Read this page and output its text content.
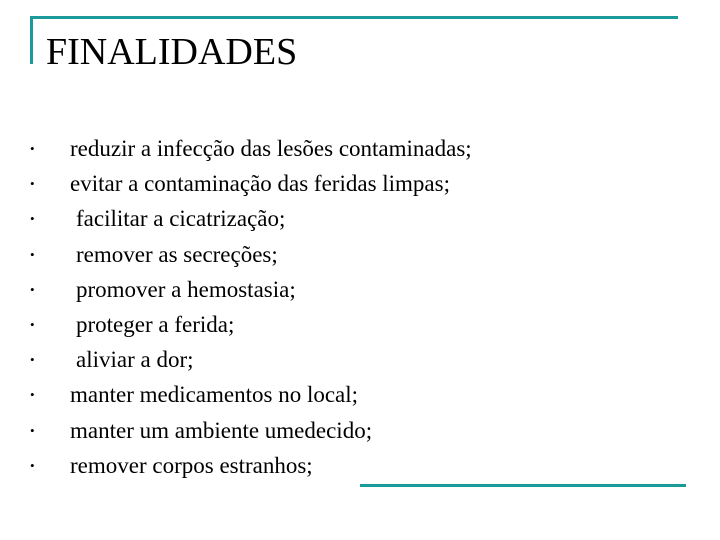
FINALIDADES
• reduzir a infecção das lesões contaminadas;
• evitar a contaminação das feridas limpas;
• facilitar a cicatrização;
• remover as secreções;
• promover a hemostasia;
• proteger a ferida;
• aliviar a dor;
• manter medicamentos no local;
• manter um ambiente umedecido;
• remover corpos estranhos;
